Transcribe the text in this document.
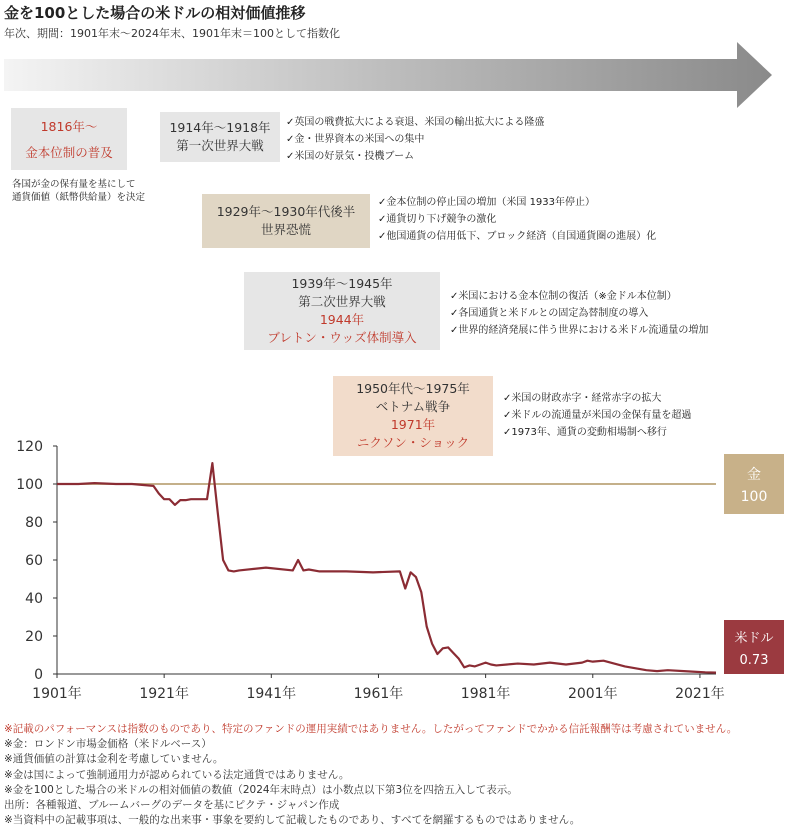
金を100とした場合の米ドルの相対価値推移
年次、期間：1901年末～2024年末、1901年末＝100として指数化
1816年～
金本位制の普及
各国が金の保有量を基にして
通貨価値（紙幣供給量）を決定
1914年～1918年
第一次世界大戦
✓ 英国の戦費拡大による衰退、米国の輸出拡大による隆盛
✓ 金・世界資本の米国への集中
✓ 米国の好景気・投機ブーム
1929年～1930年代後半
世界恐慌
✓ 金本位制の停止国の増加（米国 1933年停止）
✓ 通貨切り下げ競争の激化
✓ 他国通貨の信用低下、ブロック経済（自国通貨圏の進展）化
1939年～1945年
第二次世界大戦
1944年
ブレトン・ウッズ体制導入
✓ 米国における金本位制の復活（※金ドル本位制）
✓ 各国通貨と米ドルとの固定為替制度の導入
✓ 世界的経済発展に伴う世界における米ドル流通量の増加
1950年代～1975年
ベトナム戦争
1971年
ニクソン・ショック
✓ 米国の財政赤字・経常赤字の拡大
✓ 米ドルの流通量が米国の金保有量を超過
✓ 1973年、通貨の変動相場制へ移行
0
20
40
60
80
100
120
1901年	1921年	1941年	1961年	1981年	2001年	2021年
金
100
米ドル
0.73
※記載のパフォーマンスは指数のものであり、特定のファンドの運用実績ではありません。したがってファンドでかかる信託報酬等は考慮されていません。
※金：ロンドン市場金価格（米ドルベース）
※通貨価値の計算は金利を考慮していません。
※金は国によって強制通用力が認められている法定通貨ではありません。
※金を100とした場合の米ドルの相対価値の数値（2024年末時点）は小数点以下第3位を四捨五入して表示。
出所：各種報道、ブルームバーグのデータを基にピクテ・ジャパン作成
※当資料中の記載事項は、一般的な出来事・事象を要約して記載したものであり、すべてを網羅するものではありません。
